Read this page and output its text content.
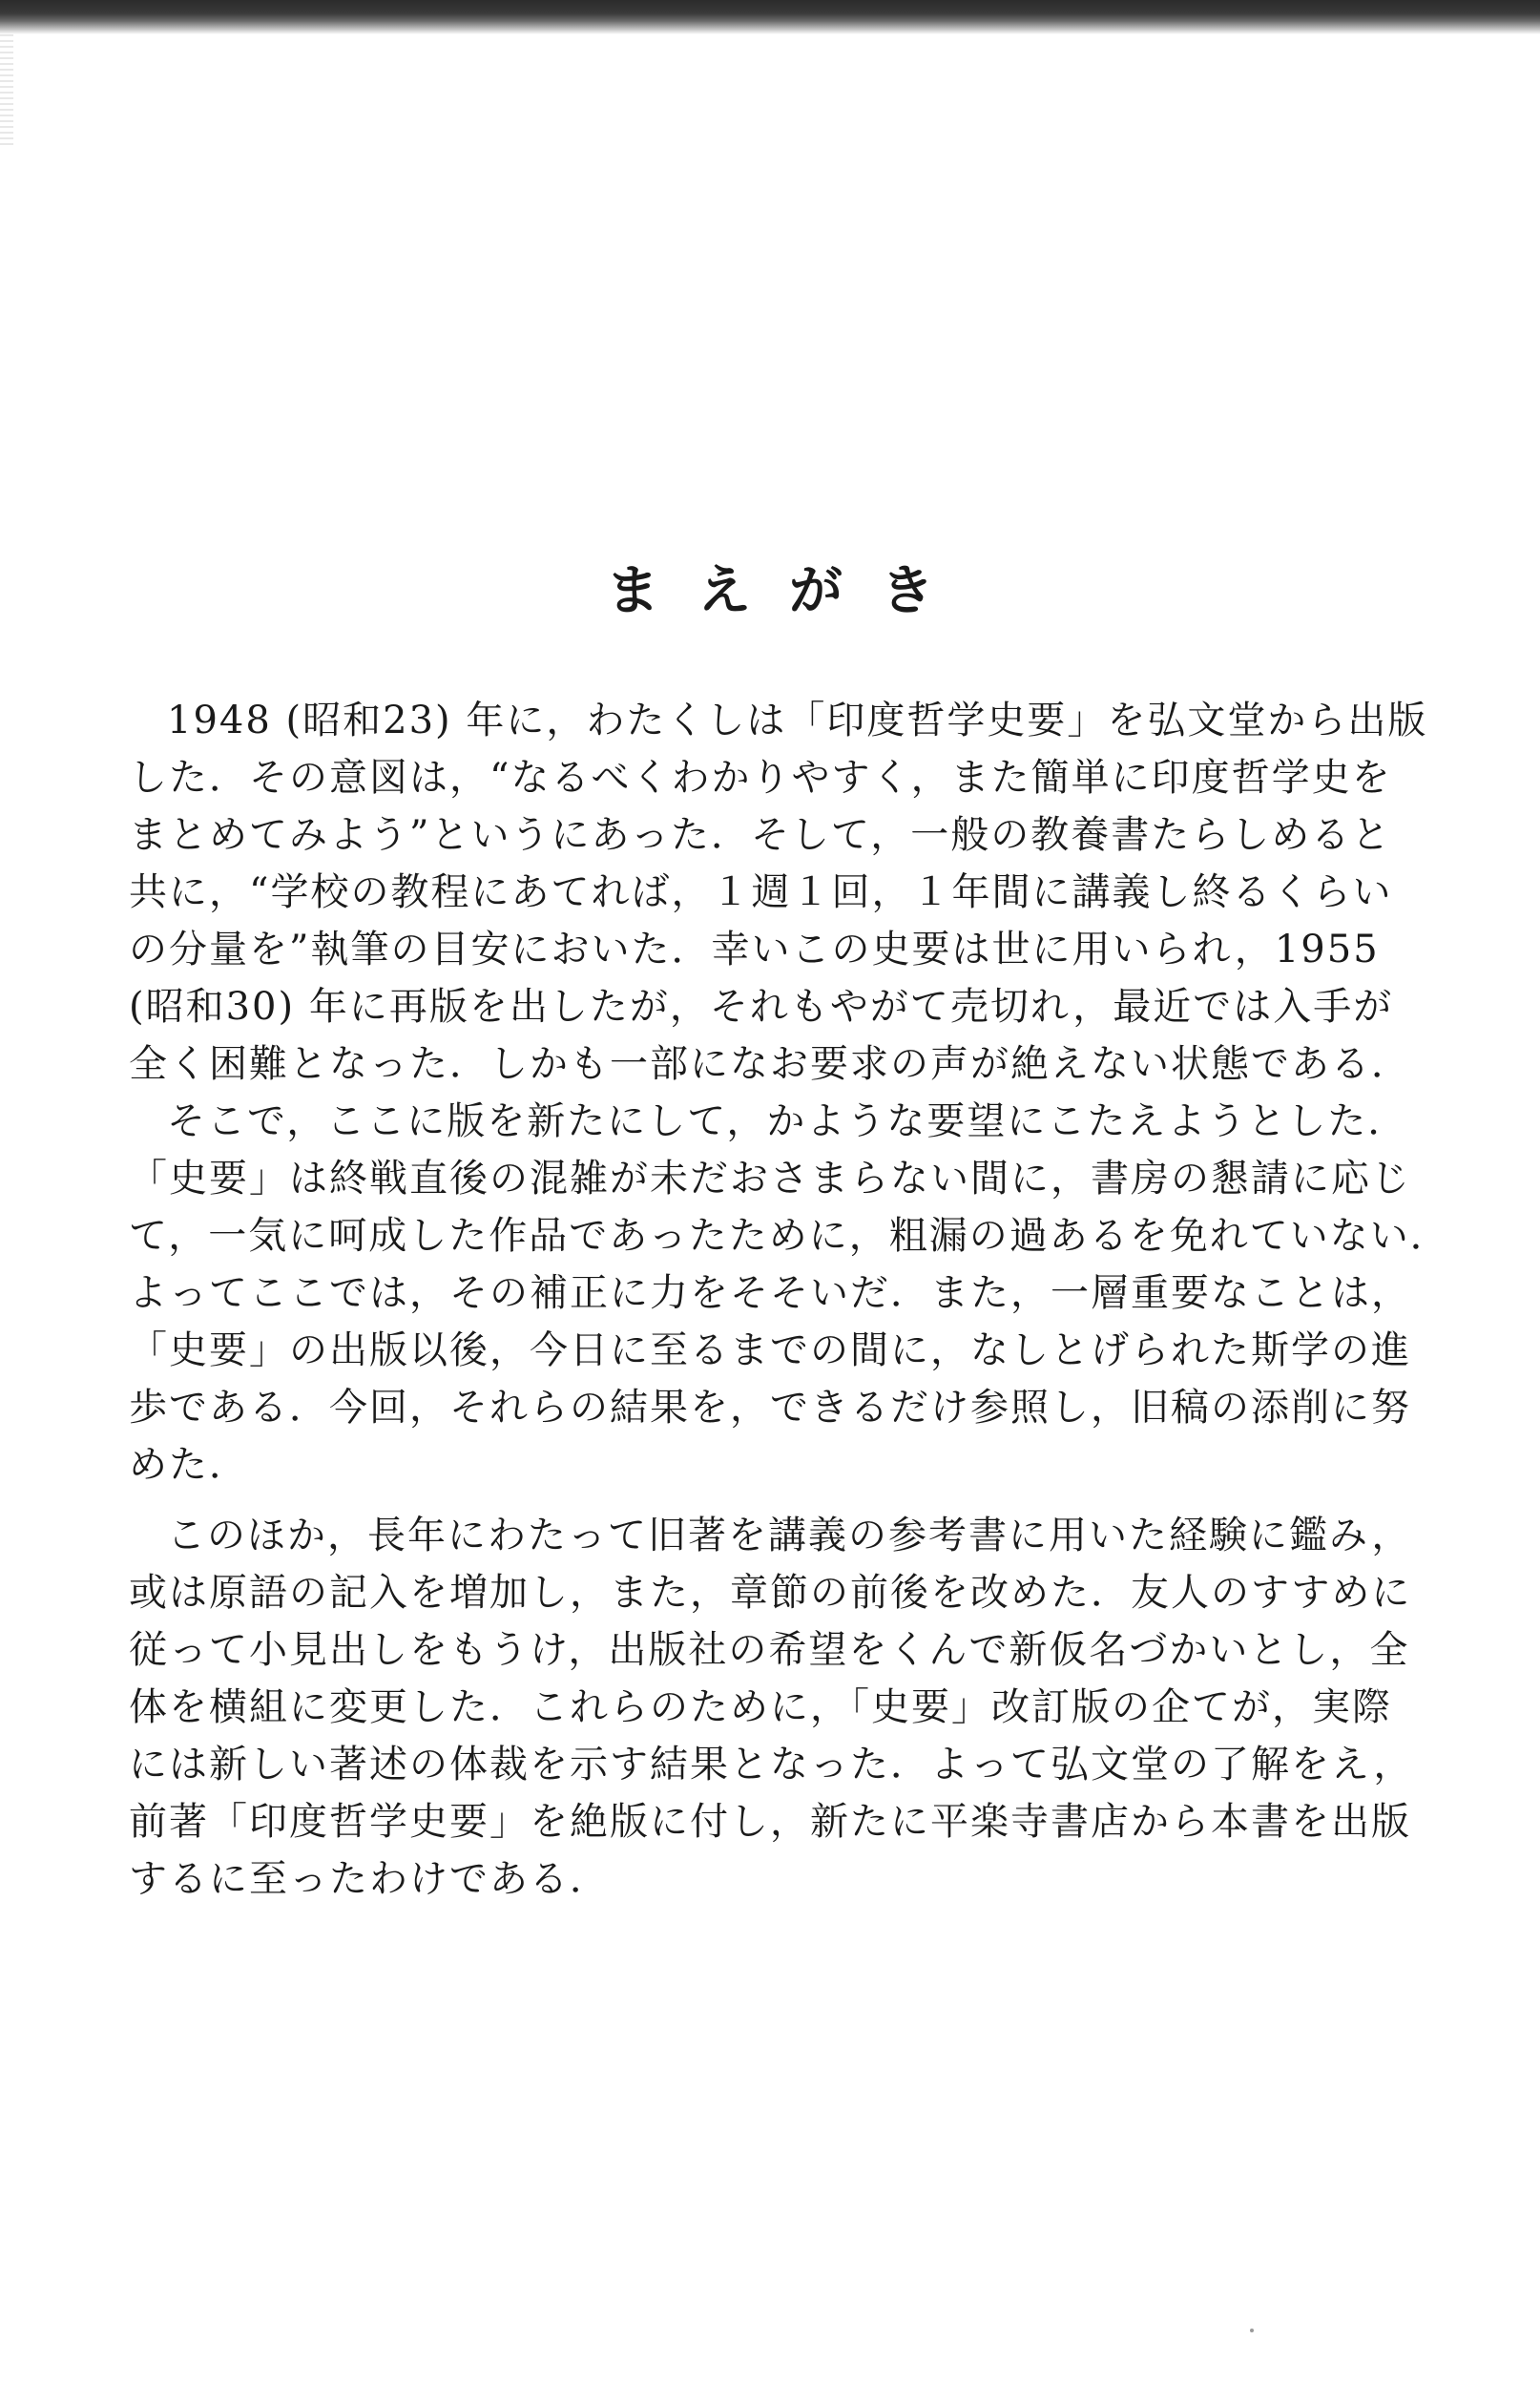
まえがき
1948 (昭和23) 年に，わたくしは「印度哲学史要」を弘文堂から出版
した．その意図は，“なるべくわかりやすく，また簡単に印度哲学史を
まとめてみよう”というにあった．そして，一般の教養書たらしめると
共に，“学校の教程にあてれば，１週１回，１年間に講義し終るくらい
の分量を”執筆の目安においた．幸いこの史要は世に用いられ，1955
(昭和30) 年に再版を出したが，それもやがて売切れ，最近では入手が
全く困難となった．しかも一部になお要求の声が絶えない状態である．
そこで，ここに版を新たにして，かような要望にこたえようとした．
「史要」は終戦直後の混雑が未だおさまらない間に，書房の懇請に応じ
て，一気に呵成した作品であったために，粗漏の過あるを免れていない．
よってここでは，その補正に力をそそいだ．また，一層重要なことは，
「史要」の出版以後，今日に至るまでの間に，なしとげられた斯学の進
歩である．今回，それらの結果を，できるだけ参照し，旧稿の添削に努
めた．
このほか，長年にわたって旧著を講義の参考書に用いた経験に鑑み，
或は原語の記入を増加し，また，章節の前後を改めた．友人のすすめに
従って小見出しをもうけ，出版社の希望をくんで新仮名づかいとし，全
体を横組に変更した．これらのために，「史要」改訂版の企てが，実際
には新しい著述の体裁を示す結果となった．よって弘文堂の了解をえ，
前著「印度哲学史要」を絶版に付し，新たに平楽寺書店から本書を出版
するに至ったわけである．
